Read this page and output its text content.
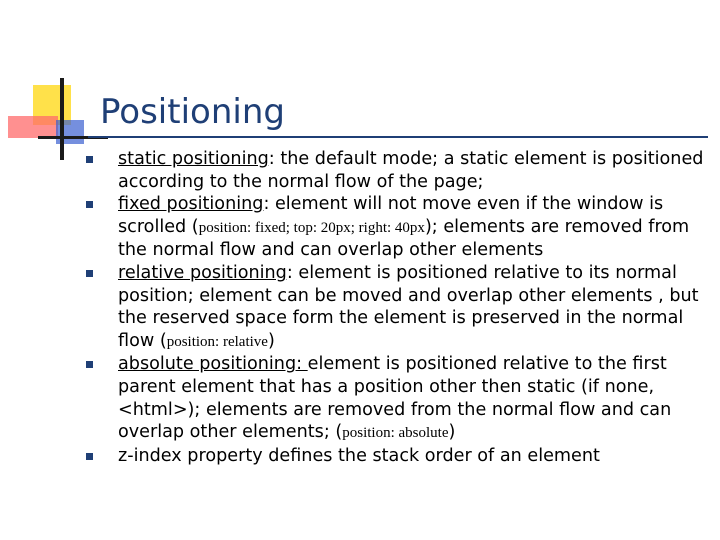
Positioning
static positioning: the default mode; a static element is positioned according to the normal flow of the page;
fixed positioning: element will not move even if the window is scrolled (position: fixed; top: 20px; right: 40px); elements are removed from the normal flow and can overlap other elements
relative positioning: element is positioned relative to its normal position; element can be moved and overlap other elements , but the reserved space form the element is preserved in the normal flow (position: relative)
absolute positioning: element is positioned relative to the first parent element that has a position other then static (if none, <html>); elements are removed from the normal flow and can overlap other elements; (position: absolute)
z-index property defines the stack order of an element
